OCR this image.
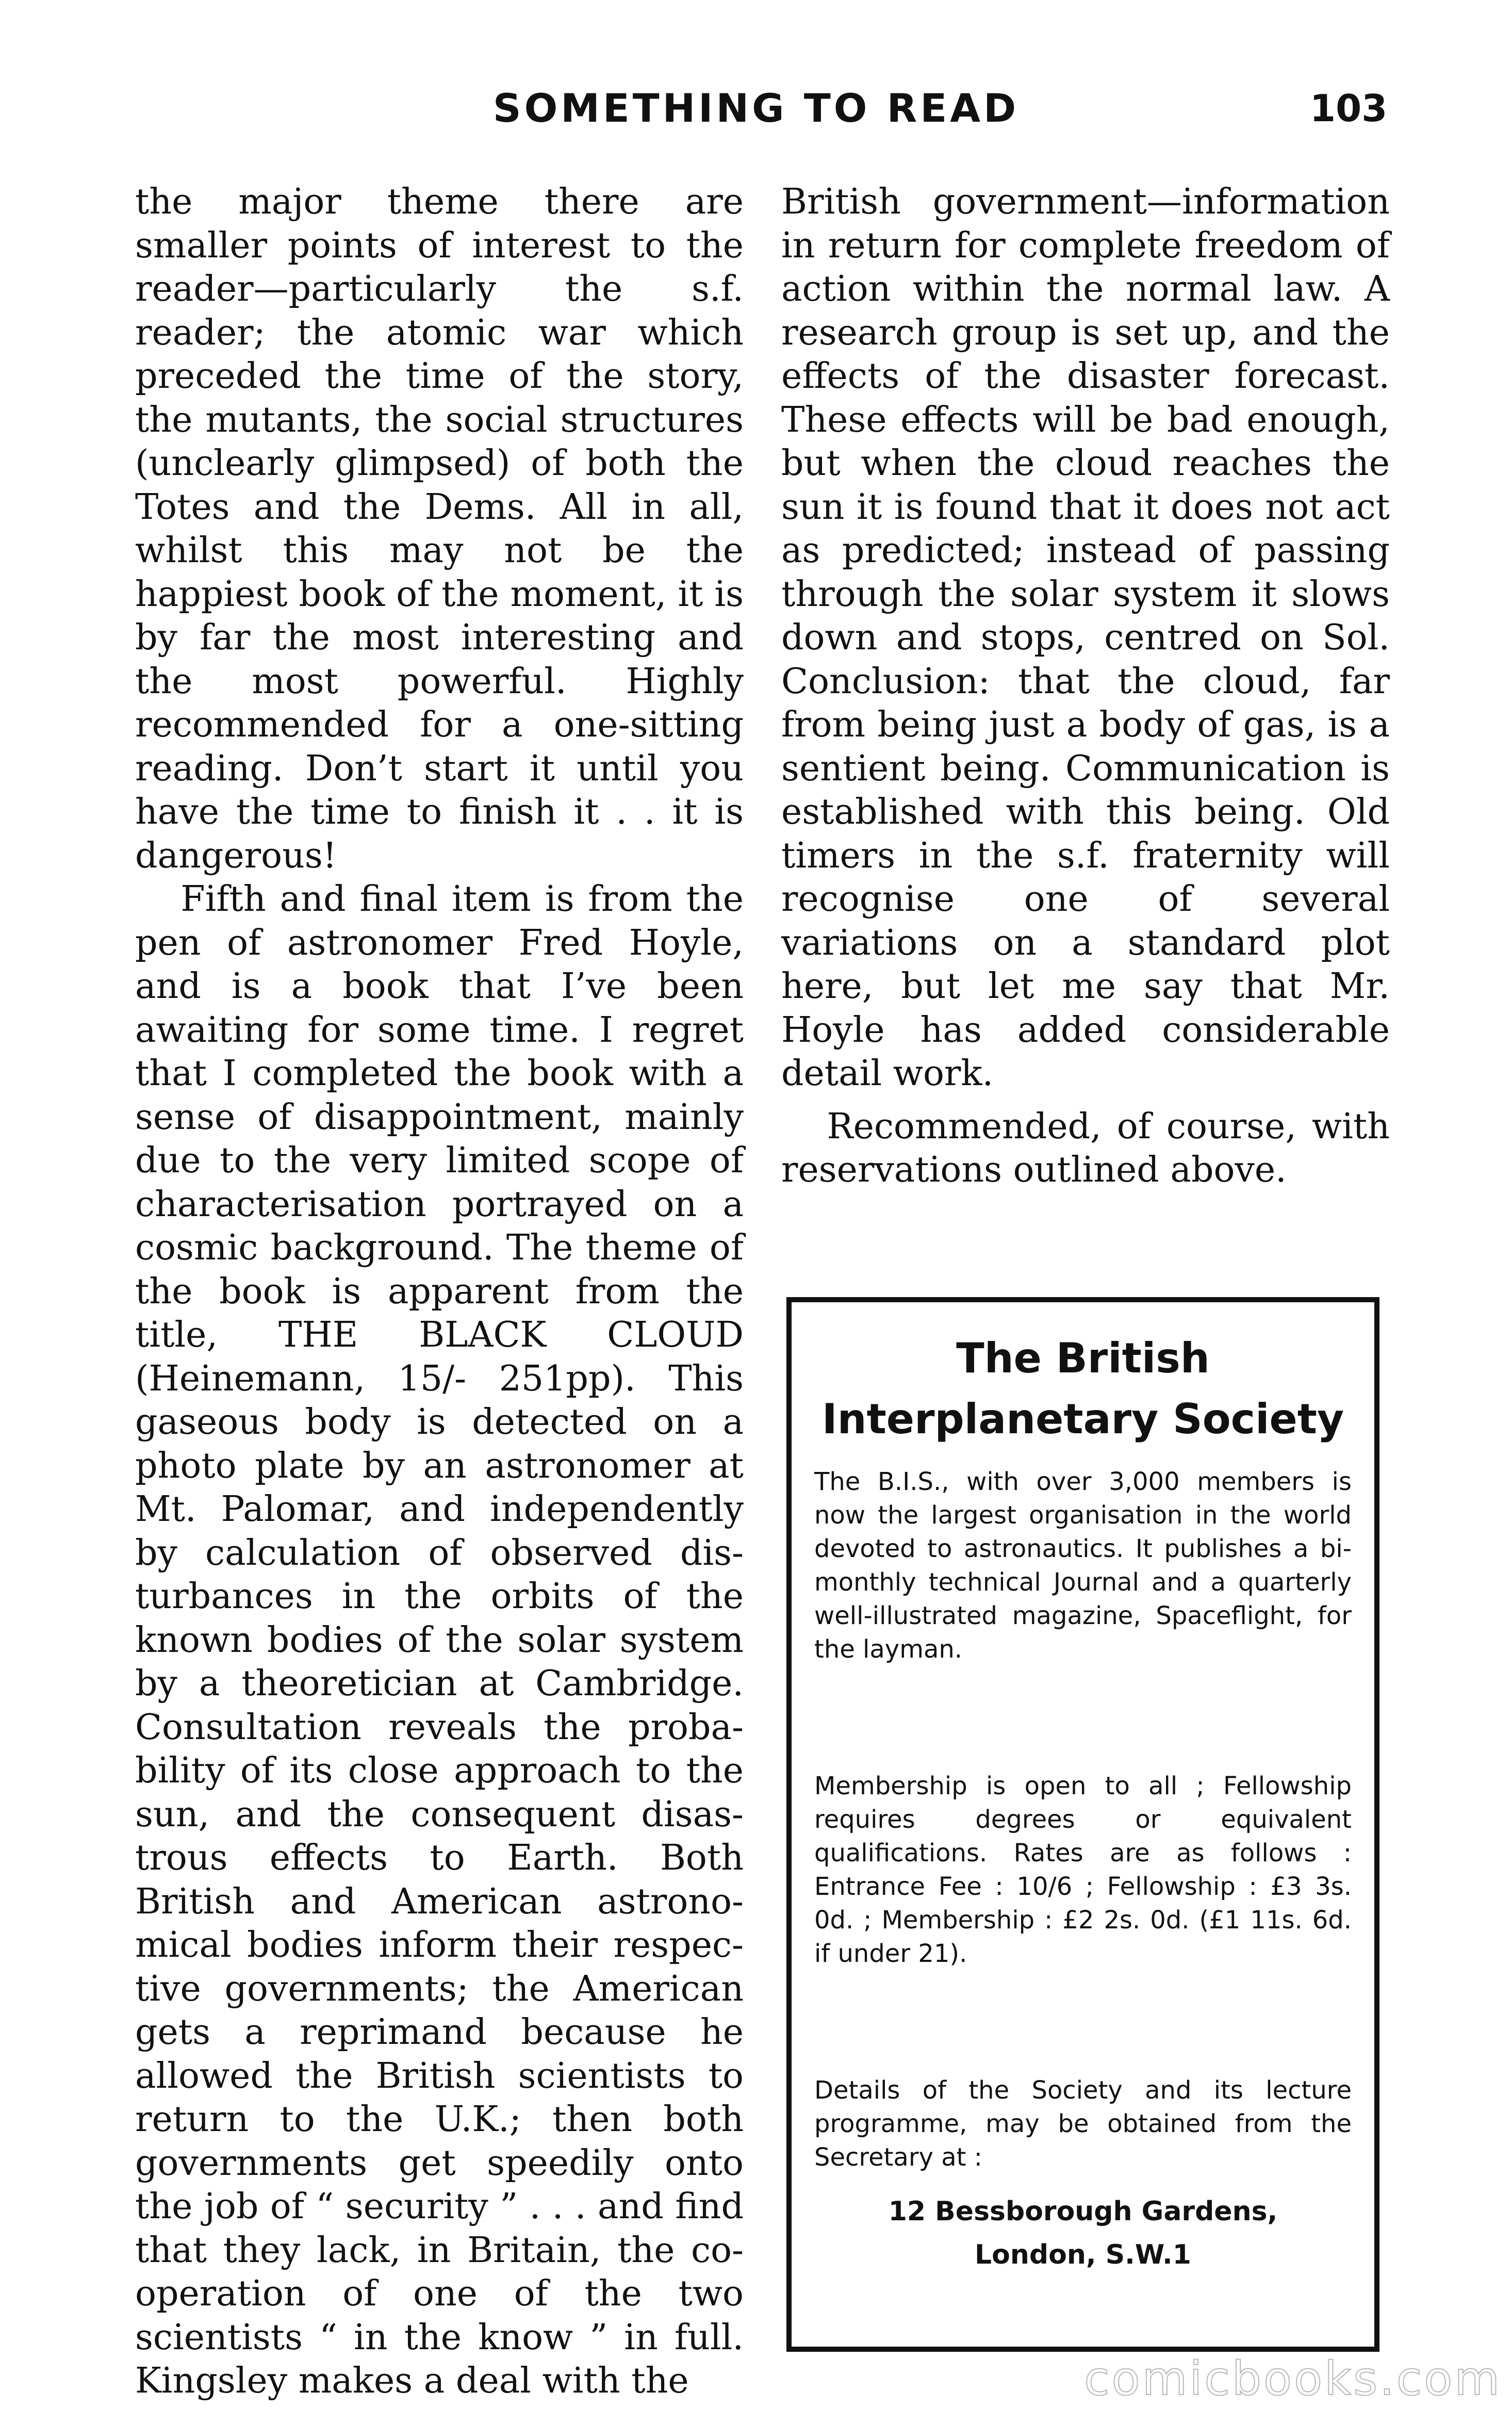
SOMETHING TO READ	103

the major theme there are smaller points of interest to the reader—particularly the s.f. reader; the atomic war which preceded the time of the story, the mutants, the social structures (unclearly glimpsed) of both the Totes and the Dems. All in all, whilst this may not be the happiest book of the moment, it is by far the most interesting and the most powerful. Highly recommended for a one-sitting reading. Don’t start it until you have the time to finish it . . it is dangerous!

Fifth and final item is from the pen of astronomer Fred Hoyle, and is a book that I’ve been awaiting for some time. I regret that I completed the book with a sense of disappointment, mainly due to the very limited scope of characterisation portrayed on a cosmic background. The theme of the book is apparent from the title, THE BLACK CLOUD (Heinemann, 15/- 251pp). This gaseous body is detected on a photo plate by an astronomer at Mt. Palomar, and independently by calculation of observed disturbances in the orbits of the known bodies of the solar system by a theoretician at Cambridge. Consultation reveals the probability of its close approach to the sun, and the consequent disastrous effects to Earth. Both British and American astronomical bodies inform their respective governments; the American gets a reprimand because he allowed the British scientists to return to the U.K.; then both governments get speedily onto the job of “ security ” . . . and find that they lack, in Britain, the co-operation of one of the two scientists “ in the know ” in full. Kingsley makes a deal with the

British government—information in return for complete freedom of action within the normal law. A research group is set up, and the effects of the disaster forecast. These effects will be bad enough, but when the cloud reaches the sun it is found that it does not act as predicted; instead of passing through the solar system it slows down and stops, centred on Sol. Conclusion: that the cloud, far from being just a body of gas, is a sentient being. Communication is established with this being. Old timers in the s.f. fraternity will recognise one of several variations on a standard plot here, but let me say that Mr. Hoyle has added considerable detail work.

Recommended, of course, with reservations outlined above.

The British
Interplanetary Society

The B.I.S., with over 3,000 members is now the largest organisation in the world devoted to astronautics. It publishes a bi-monthly technical Journal and a quarterly well-illustrated magazine, Spaceflight, for the layman.

Membership is open to all ; Fellowship requires degrees or equivalent qualifications. Rates are as follows : Entrance Fee : 10/6 ; Fellowship : £3 3s. 0d. ; Membership : £2 2s. 0d. (£1 11s. 6d. if under 21).

Details of the Society and its lecture programme, may be obtained from the Secretary at :

12 Bessborough Gardens,
London, S.W.1
comicbooks.com
